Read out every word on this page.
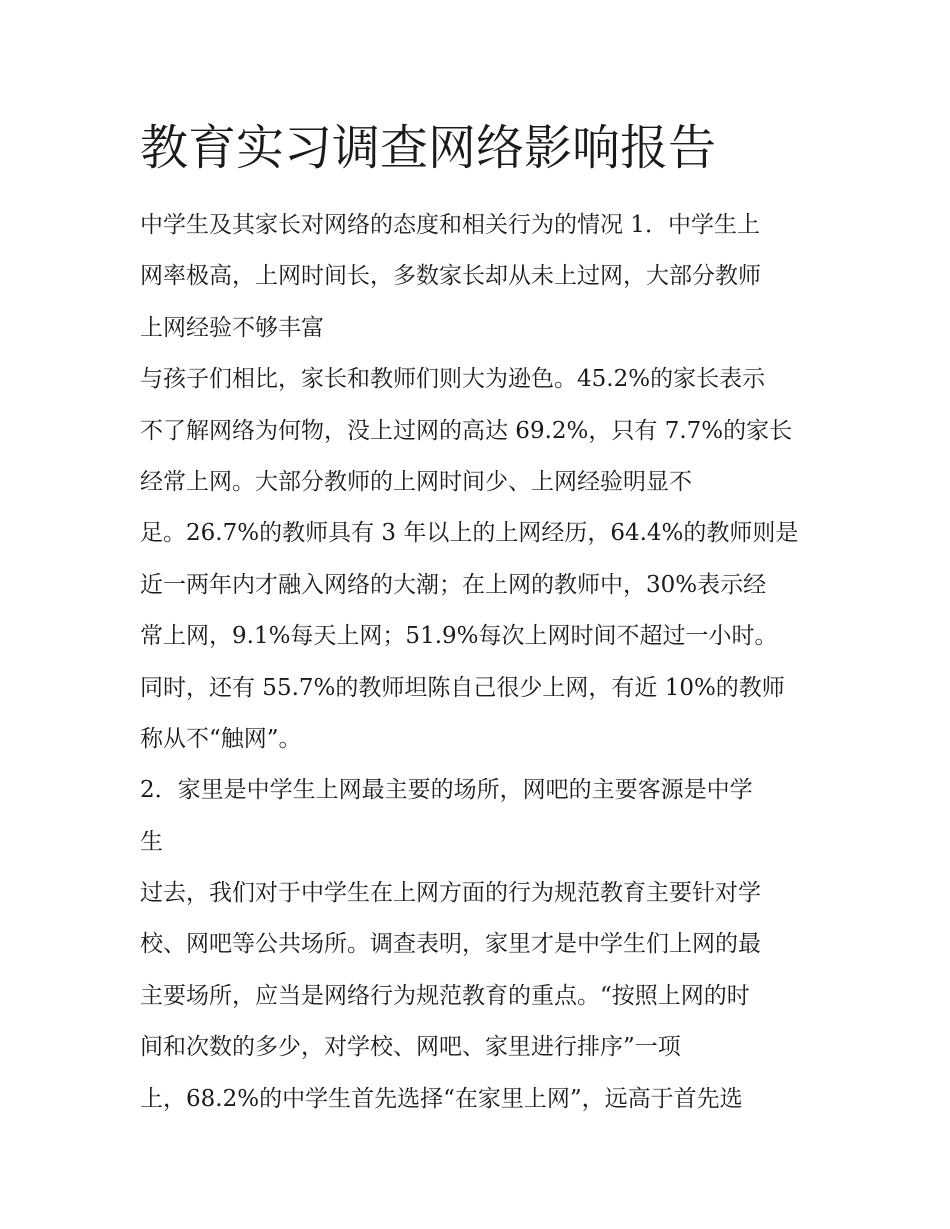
教育实习调查网络影响报告

中学生及其家长对网络的态度和相关行为的情况 1．中学生上

网率极高，上网时间长，多数家长却从未上过网，大部分教师

上网经验不够丰富

与孩子们相比，家长和教师们则大为逊色。45.2%的家长表示

不了解网络为何物，没上过网的高达 69.2%，只有 7.7%的家长

经常上网。大部分教师的上网时间少、上网经验明显不

足。26.7%的教师具有 3 年以上的上网经历，64.4%的教师则是

近一两年内才融入网络的大潮；在上网的教师中，30%表示经

常上网，9.1%每天上网；51.9%每次上网时间不超过一小时。

同时，还有 55.7%的教师坦陈自己很少上网，有近 10%的教师

称从不“触网”。

2．家里是中学生上网最主要的场所，网吧的主要客源是中学

生

过去，我们对于中学生在上网方面的行为规范教育主要针对学

校、网吧等公共场所。调查表明，家里才是中学生们上网的最

主要场所，应当是网络行为规范教育的重点。“按照上网的时

间和次数的多少，对学校、网吧、家里进行排序”一项

上，68.2%的中学生首先选择“在家里上网”，远高于首先选
